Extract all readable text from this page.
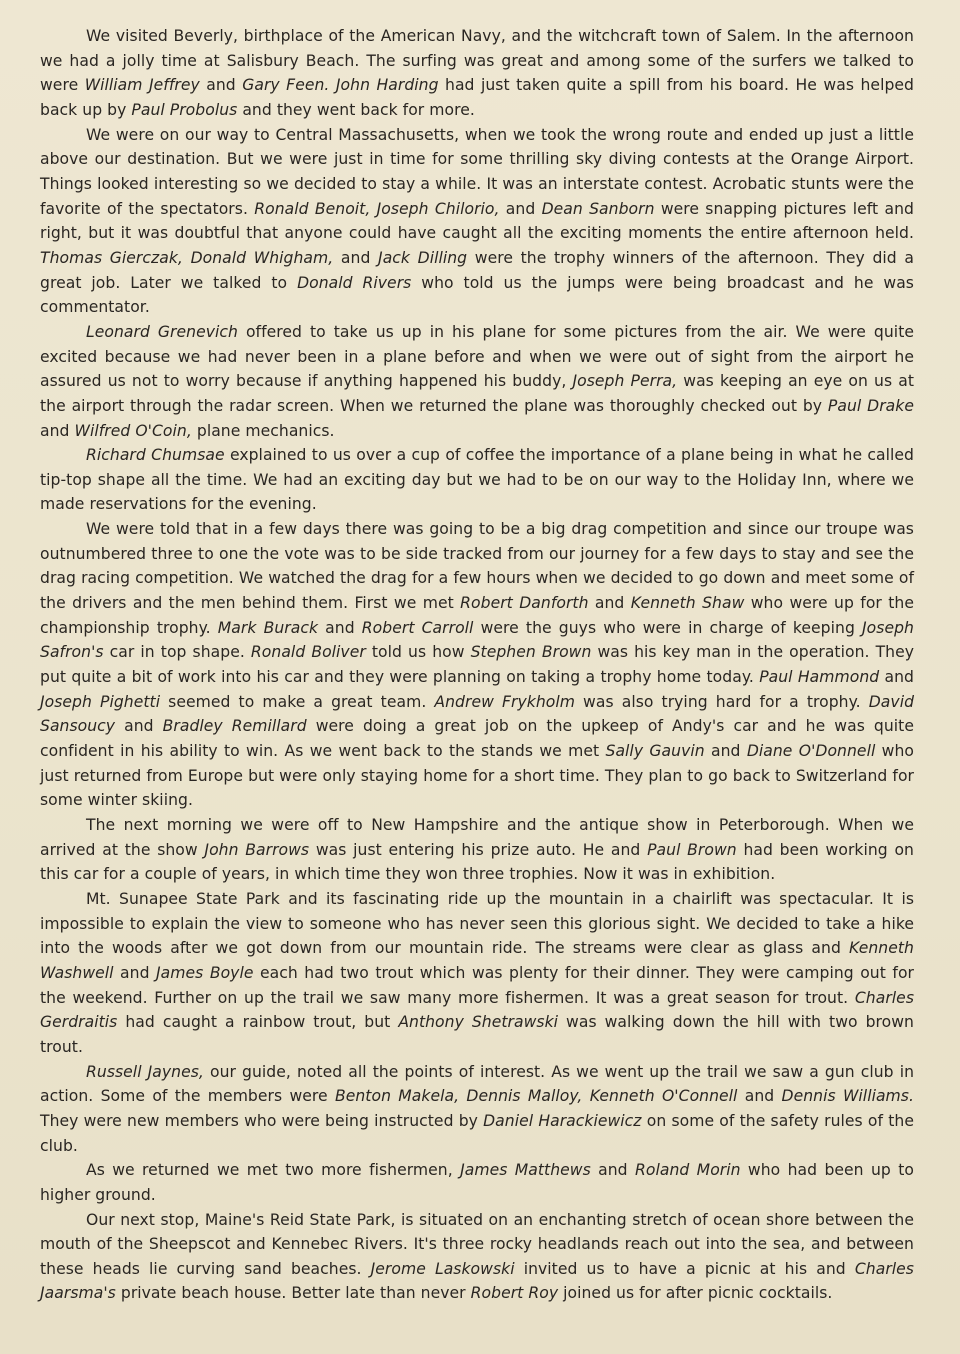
We visited Beverly, birthplace of the American Navy, and the witchcraft town of Salem. In the afternoon we had a jolly time at Salisbury Beach. The surfing was great and among some of the surfers we talked to were William Jeffrey and Gary Feen. John Harding had just taken quite a spill from his board. He was helped back up by Paul Probolus and they went back for more.

We were on our way to Central Massachusetts, when we took the wrong route and ended up just a little above our destination. But we were just in time for some thrilling sky diving contests at the Orange Airport. Things looked interesting so we decided to stay a while. It was an interstate contest. Acrobatic stunts were the favorite of the spectators. Ronald Benoit, Joseph Chilorio, and Dean Sanborn were snapping pictures left and right, but it was doubtful that anyone could have caught all the exciting moments the entire afternoon held. Thomas Gierczak, Donald Whigham, and Jack Dilling were the trophy winners of the afternoon. They did a great job. Later we talked to Donald Rivers who told us the jumps were being broadcast and he was commentator.

Leonard Grenevich offered to take us up in his plane for some pictures from the air. We were quite excited because we had never been in a plane before and when we were out of sight from the airport he assured us not to worry because if anything happened his buddy, Joseph Perra, was keeping an eye on us at the airport through the radar screen. When we returned the plane was thoroughly checked out by Paul Drake and Wilfred O'Coin, plane mechanics.

Richard Chumsae explained to us over a cup of coffee the importance of a plane being in what he called tip-top shape all the time. We had an exciting day but we had to be on our way to the Holiday Inn, where we made reservations for the evening.

We were told that in a few days there was going to be a big drag competition and since our troupe was outnumbered three to one the vote was to be side tracked from our journey for a few days to stay and see the drag racing competition. We watched the drag for a few hours when we decided to go down and meet some of the drivers and the men behind them. First we met Robert Danforth and Kenneth Shaw who were up for the championship trophy. Mark Burack and Robert Carroll were the guys who were in charge of keeping Joseph Safron's car in top shape. Ronald Boliver told us how Stephen Brown was his key man in the operation. They put quite a bit of work into his car and they were planning on taking a trophy home today. Paul Hammond and Joseph Pighetti seemed to make a great team. Andrew Frykholm was also trying hard for a trophy. David Sansoucy and Bradley Remillard were doing a great job on the upkeep of Andy's car and he was quite confident in his ability to win. As we went back to the stands we met Sally Gauvin and Diane O'Donnell who just returned from Europe but were only staying home for a short time. They plan to go back to Switzerland for some winter skiing.

The next morning we were off to New Hampshire and the antique show in Peterborough. When we arrived at the show John Barrows was just entering his prize auto. He and Paul Brown had been working on this car for a couple of years, in which time they won three trophies. Now it was in exhibition.

Mt. Sunapee State Park and its fascinating ride up the mountain in a chairlift was spectacular. It is impossible to explain the view to someone who has never seen this glorious sight. We decided to take a hike into the woods after we got down from our mountain ride. The streams were clear as glass and Kenneth Washwell and James Boyle each had two trout which was plenty for their dinner. They were camping out for the weekend. Further on up the trail we saw many more fishermen. It was a great season for trout. Charles Gerdraitis had caught a rainbow trout, but Anthony Shetrawski was walking down the hill with two brown trout.

Russell Jaynes, our guide, noted all the points of interest. As we went up the trail we saw a gun club in action. Some of the members were Benton Makela, Dennis Malloy, Kenneth O'Connell and Dennis Williams. They were new members who were being instructed by Daniel Harackiewicz on some of the safety rules of the club.

As we returned we met two more fishermen, James Matthews and Roland Morin who had been up to higher ground.

Our next stop, Maine's Reid State Park, is situated on an enchanting stretch of ocean shore between the mouth of the Sheepscot and Kennebec Rivers. It's three rocky headlands reach out into the sea, and between these heads lie curving sand beaches. Jerome Laskowski invited us to have a picnic at his and Charles Jaarsma's private beach house. Better late than never Robert Roy joined us for after picnic cocktails.
